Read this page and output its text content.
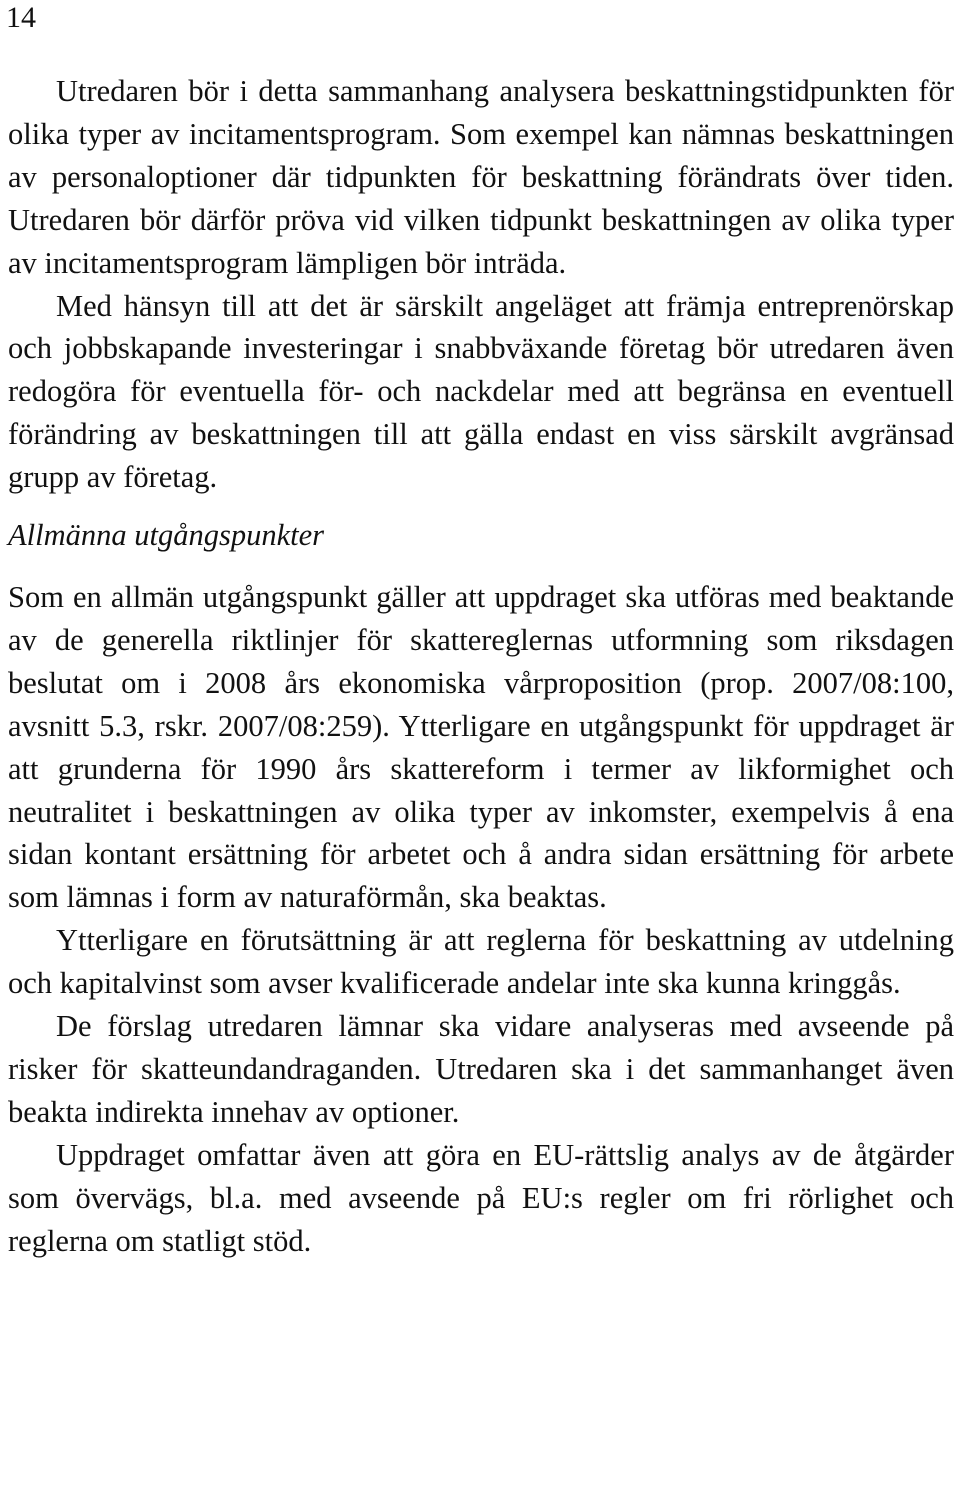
14

Utredaren bör i detta sammanhang analysera beskattningstidpunkten för olika typer av incitamentsprogram. Som exempel kan nämnas beskattningen av personaloptioner där tidpunkten för beskattning förändrats över tiden. Utredaren bör därför pröva vid vilken tidpunkt beskattningen av olika typer av incitamentsprogram lämpligen bör inträda.

Med hänsyn till att det är särskilt angeläget att främja entreprenörskap och jobbskapande investeringar i snabbväxande företag bör utredaren även redogöra för eventuella för- och nackdelar med att begränsa en eventuell förändring av beskattningen till att gälla endast en viss särskilt avgränsad grupp av företag.

Allmänna utgångspunkter

Som en allmän utgångspunkt gäller att uppdraget ska utföras med beaktande av de generella riktlinjer för skattereglernas utformning som riksdagen beslutat om i 2008 års ekonomiska vårproposition (prop. 2007/08:100, avsnitt 5.3, rskr. 2007/08:259). Ytterligare en utgångspunkt för uppdraget är att grunderna för 1990 års skattereform i termer av likformighet och neutralitet i beskattningen av olika typer av inkomster, exempelvis å ena sidan kontant ersättning för arbetet och å andra sidan ersättning för arbete som lämnas i form av naturaförmån, ska beaktas.

Ytterligare en förutsättning är att reglerna för beskattning av utdelning och kapitalvinst som avser kvalificerade andelar inte ska kunna kringgås.

De förslag utredaren lämnar ska vidare analyseras med avseende på risker för skatteundandraganden. Utredaren ska i det sammanhanget även beakta indirekta innehav av optioner.

Uppdraget omfattar även att göra en EU-rättslig analys av de åtgärder som övervägs, bl.a. med avseende på EU:s regler om fri rörlighet och reglerna om statligt stöd.
